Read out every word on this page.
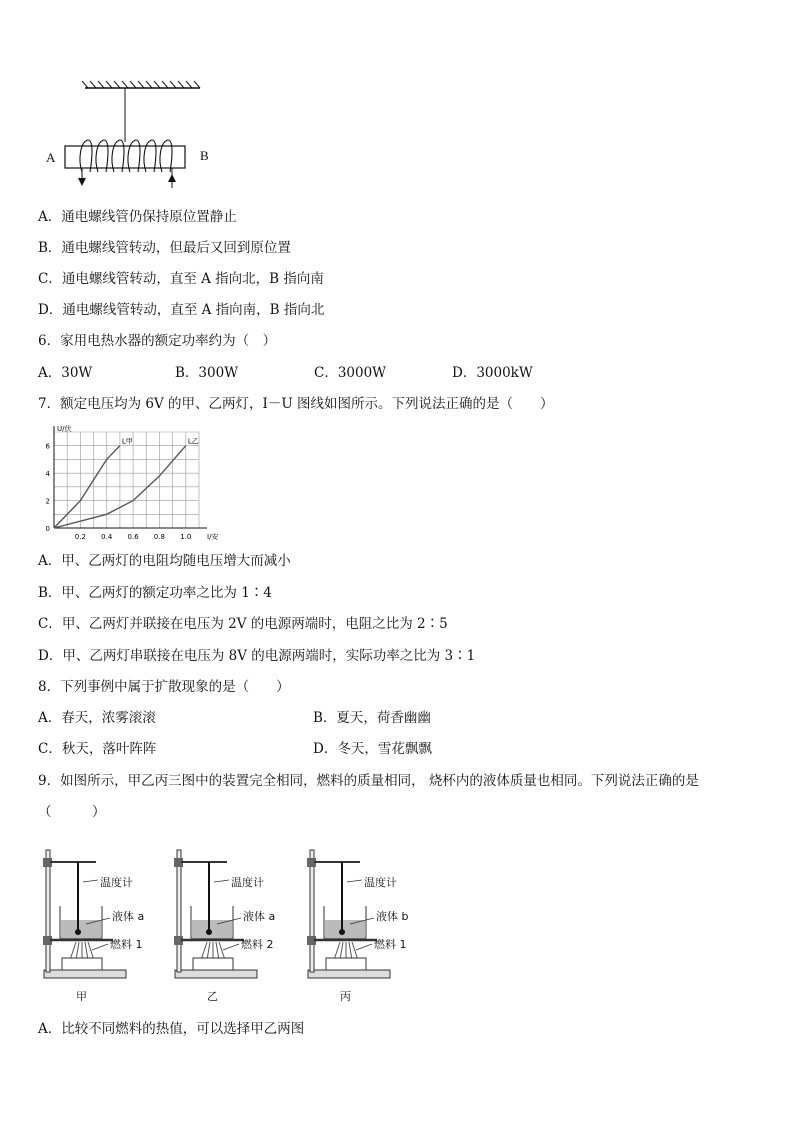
A	B
A．通电螺线管仍保持原位置静止
B．通电螺线管转动，但最后又回到原位置
C．通电螺线管转动，直至 A 指向北，B 指向南
D．通电螺线管转动，直至 A 指向南，B 指向北
6．家用电热水器的额定功率约为（　）
A．30W	B．300W	C．3000W	D．3000kW
7．额定电压均为 6V 的甲、乙两灯，I－U 图线如图所示。下列说法正确的是（　　）
0.2 0.4 0.6 0.8 1.0
0
2
4
6
U/伏
I/安
L甲	L乙
A．甲、乙两灯的电阻均随电压增大而减小
B．甲、乙两灯的额定功率之比为 1∶4
C．甲、乙两灯并联接在电压为 2V 的电源两端时，电阻之比为 2∶5
D．甲、乙两灯串联接在电压为 8V 的电源两端时，实际功率之比为 3∶1
8．下列事例中属于扩散现象的是（　　）
A．春天，浓雾滚滚	B．夏天，荷香幽幽
C．秋天，落叶阵阵	D．冬天，雪花飘飘
9．如图所示，甲乙丙三图中的装置完全相同，燃料的质量相同， 烧杯内的液体质量也相同。下列说法正确的是
（　　　）
温度计
液体 a
燃料 1
甲
温度计
液体 a
燃料 2
乙
温度计
液体 b
燃料 1
丙
A．比较不同燃料的热值，可以选择甲乙两图
